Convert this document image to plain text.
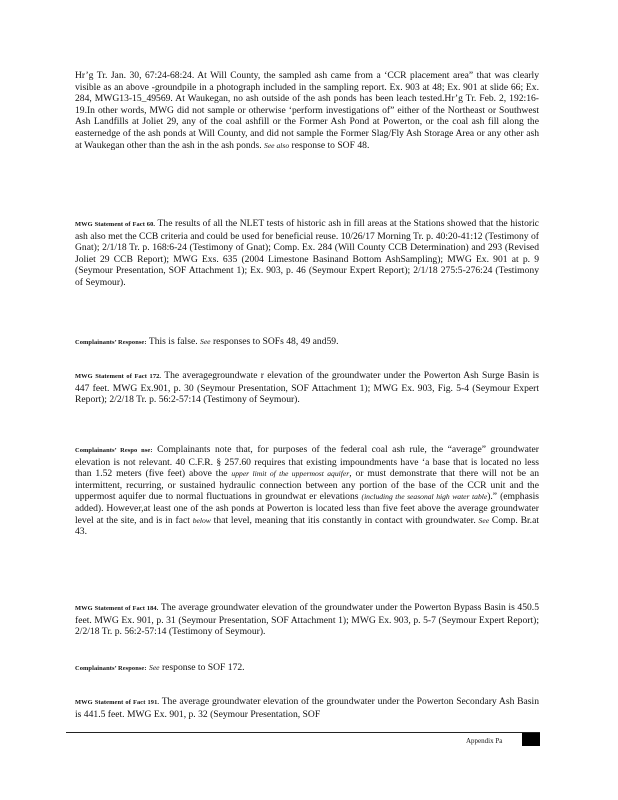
Hr’g Tr. Jan. 30, 67:24-68:24. At Will County, the sampled ash came from a ‘CCR placement area” that was clearly visible as an above -groundpile in a photograph included in the sampling report. Ex. 903 at 48; Ex. 901 at slide 66; Ex. 284, MWG13-15_49569. At Waukegan, no ash outside of the ash ponds has been leach tested.Hr’g Tr. Feb. 2, 192:16-19.In other words, MWG did not sample or otherwise ‘perform investigations of” either of the Northeast or Southwest Ash Landfills at Joliet 29, any of the coal ashfill or the Former Ash Pond at Powerton, or the coal ash fill along the easternedge of the ash ponds at Will County, and did not sample the Former Slag/Fly Ash Storage Area or any other ash at Waukegan other than the ash in the ash ponds. See also response to SOF 48.

MWG Statement of Fact 60. The results of all the NLET tests of historic ash in fill areas at the Stations showed that the historic ash also met the CCB criteria and could be used for beneficial reuse. 10/26/17 Morning Tr. p. 40:20-41:12 (Testimony of Gnat); 2/1/18 Tr. p. 168:6-24 (Testimony of Gnat); Comp. Ex. 284 (Will County CCB Determination) and 293 (Revised Joliet 29 CCB Report); MWG Exs. 635 (2004 Limestone Basinand Bottom AshSampling); MWG Ex. 901 at p. 9 (Seymour Presentation, SOF Attachment 1); Ex. 903, p. 46 (Seymour Expert Report); 2/1/18 275:5-276:24 (Testimony of Seymour).

Complainants’ Response: This is false. See responses to SOFs 48, 49 and59.

MWG Statement of Fact 172. The averagegroundwate r elevation of the groundwater under the Powerton Ash Surge Basin is 447 feet. MWG Ex.901, p. 30 (Seymour Presentation, SOF Attachment 1); MWG Ex. 903, Fig. 5-4 (Seymour Expert Report); 2/2/18 Tr. p. 56:2-57:14 (Testimony of Seymour).

Complainants’ Respo nse: Complainants note that, for purposes of the federal coal ash rule, the “average” groundwater elevation is not relevant. 40 C.F.R. § 257.60 requires that existing impoundments have ‘a base that is located no less than 1.52 meters (five feet) above the upper limit of the uppermost aquifer, or must demonstrate that there will not be an intermittent, recurring, or sustained hydraulic connection between any portion of the base of the CCR unit and the uppermost aquifer due to normal fluctuations in groundwat er elevations (including the seasonal high water table).” (emphasis added). However,at least one of the ash ponds at Powerton is located less than five feet above the average groundwater level at the site, and is in fact below that level, meaning that itis constantly in contact with groundwater. See Comp. Br.at 43.

MWG Statement of Fact 184. The average groundwater elevation of the groundwater under the Powerton Bypass Basin is 450.5 feet. MWG Ex. 901, p. 31 (Seymour Presentation, SOF Attachment 1); MWG Ex. 903, p. 5-7 (Seymour Expert Report); 2/2/18 Tr. p. 56:2-57:14 (Testimony of Seymour).

Complainants’ Response: See response to SOF 172.

MWG Statement of Fact 191. The average groundwater elevation of the groundwater under the Powerton Secondary Ash Basin is 441.5 feet. MWG Ex. 901, p. 32 (Seymour Presentation, SOF

Appendix Pa
